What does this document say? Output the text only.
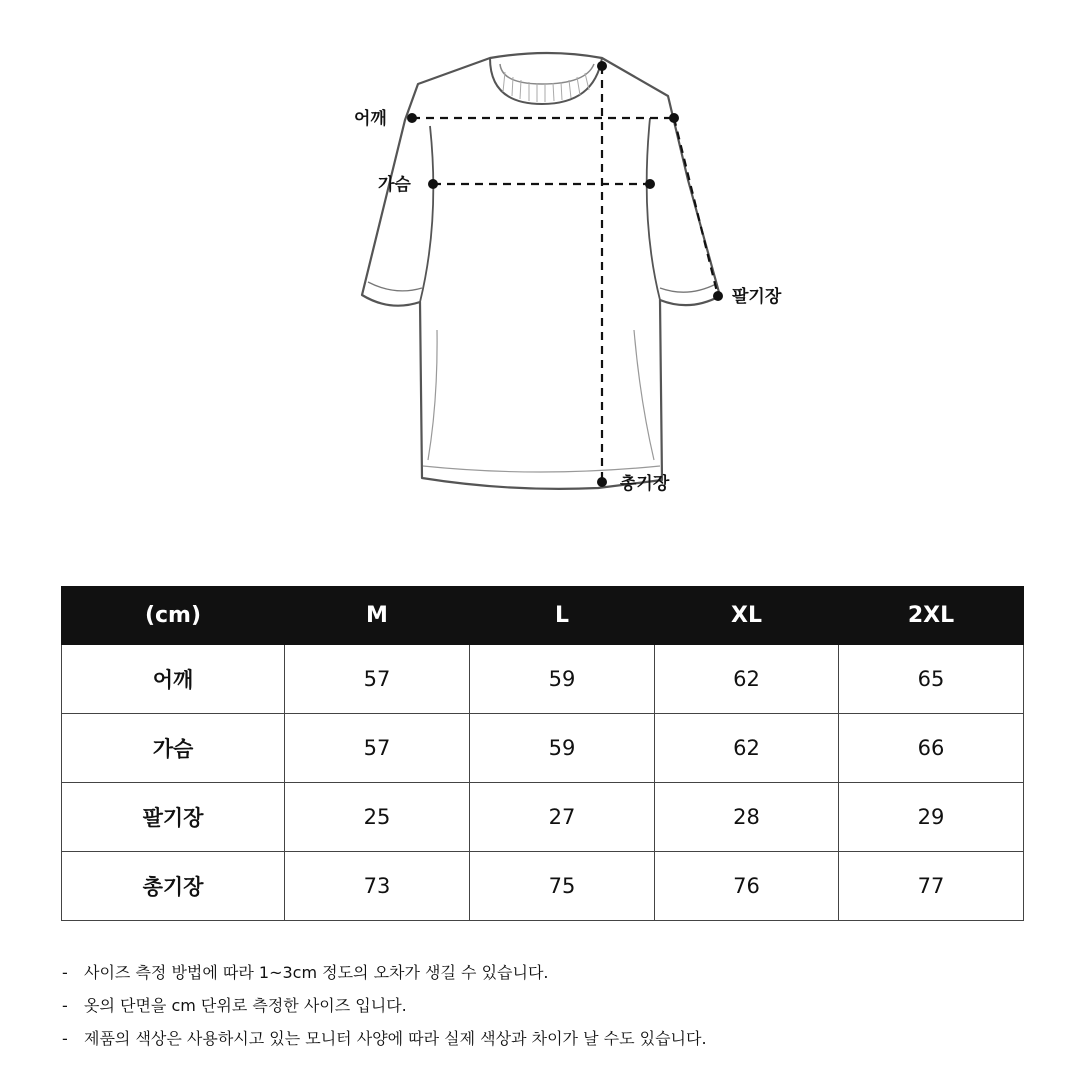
어깨
가슴
팔기장
총기장
(cm)	M	L	XL	2XL
어깨	57	59	62	65
가슴	57	59	62	66
팔기장	25	27	28	29
총기장	73	75	76	77
- 사이즈 측정 방법에 따라 1~3cm 정도의 오차가 생길 수 있습니다.
- 옷의 단면을 cm 단위로 측정한 사이즈 입니다.
- 제품의 색상은 사용하시고 있는 모니터 사양에 따라 실제 색상과 차이가 날 수도 있습니다.
